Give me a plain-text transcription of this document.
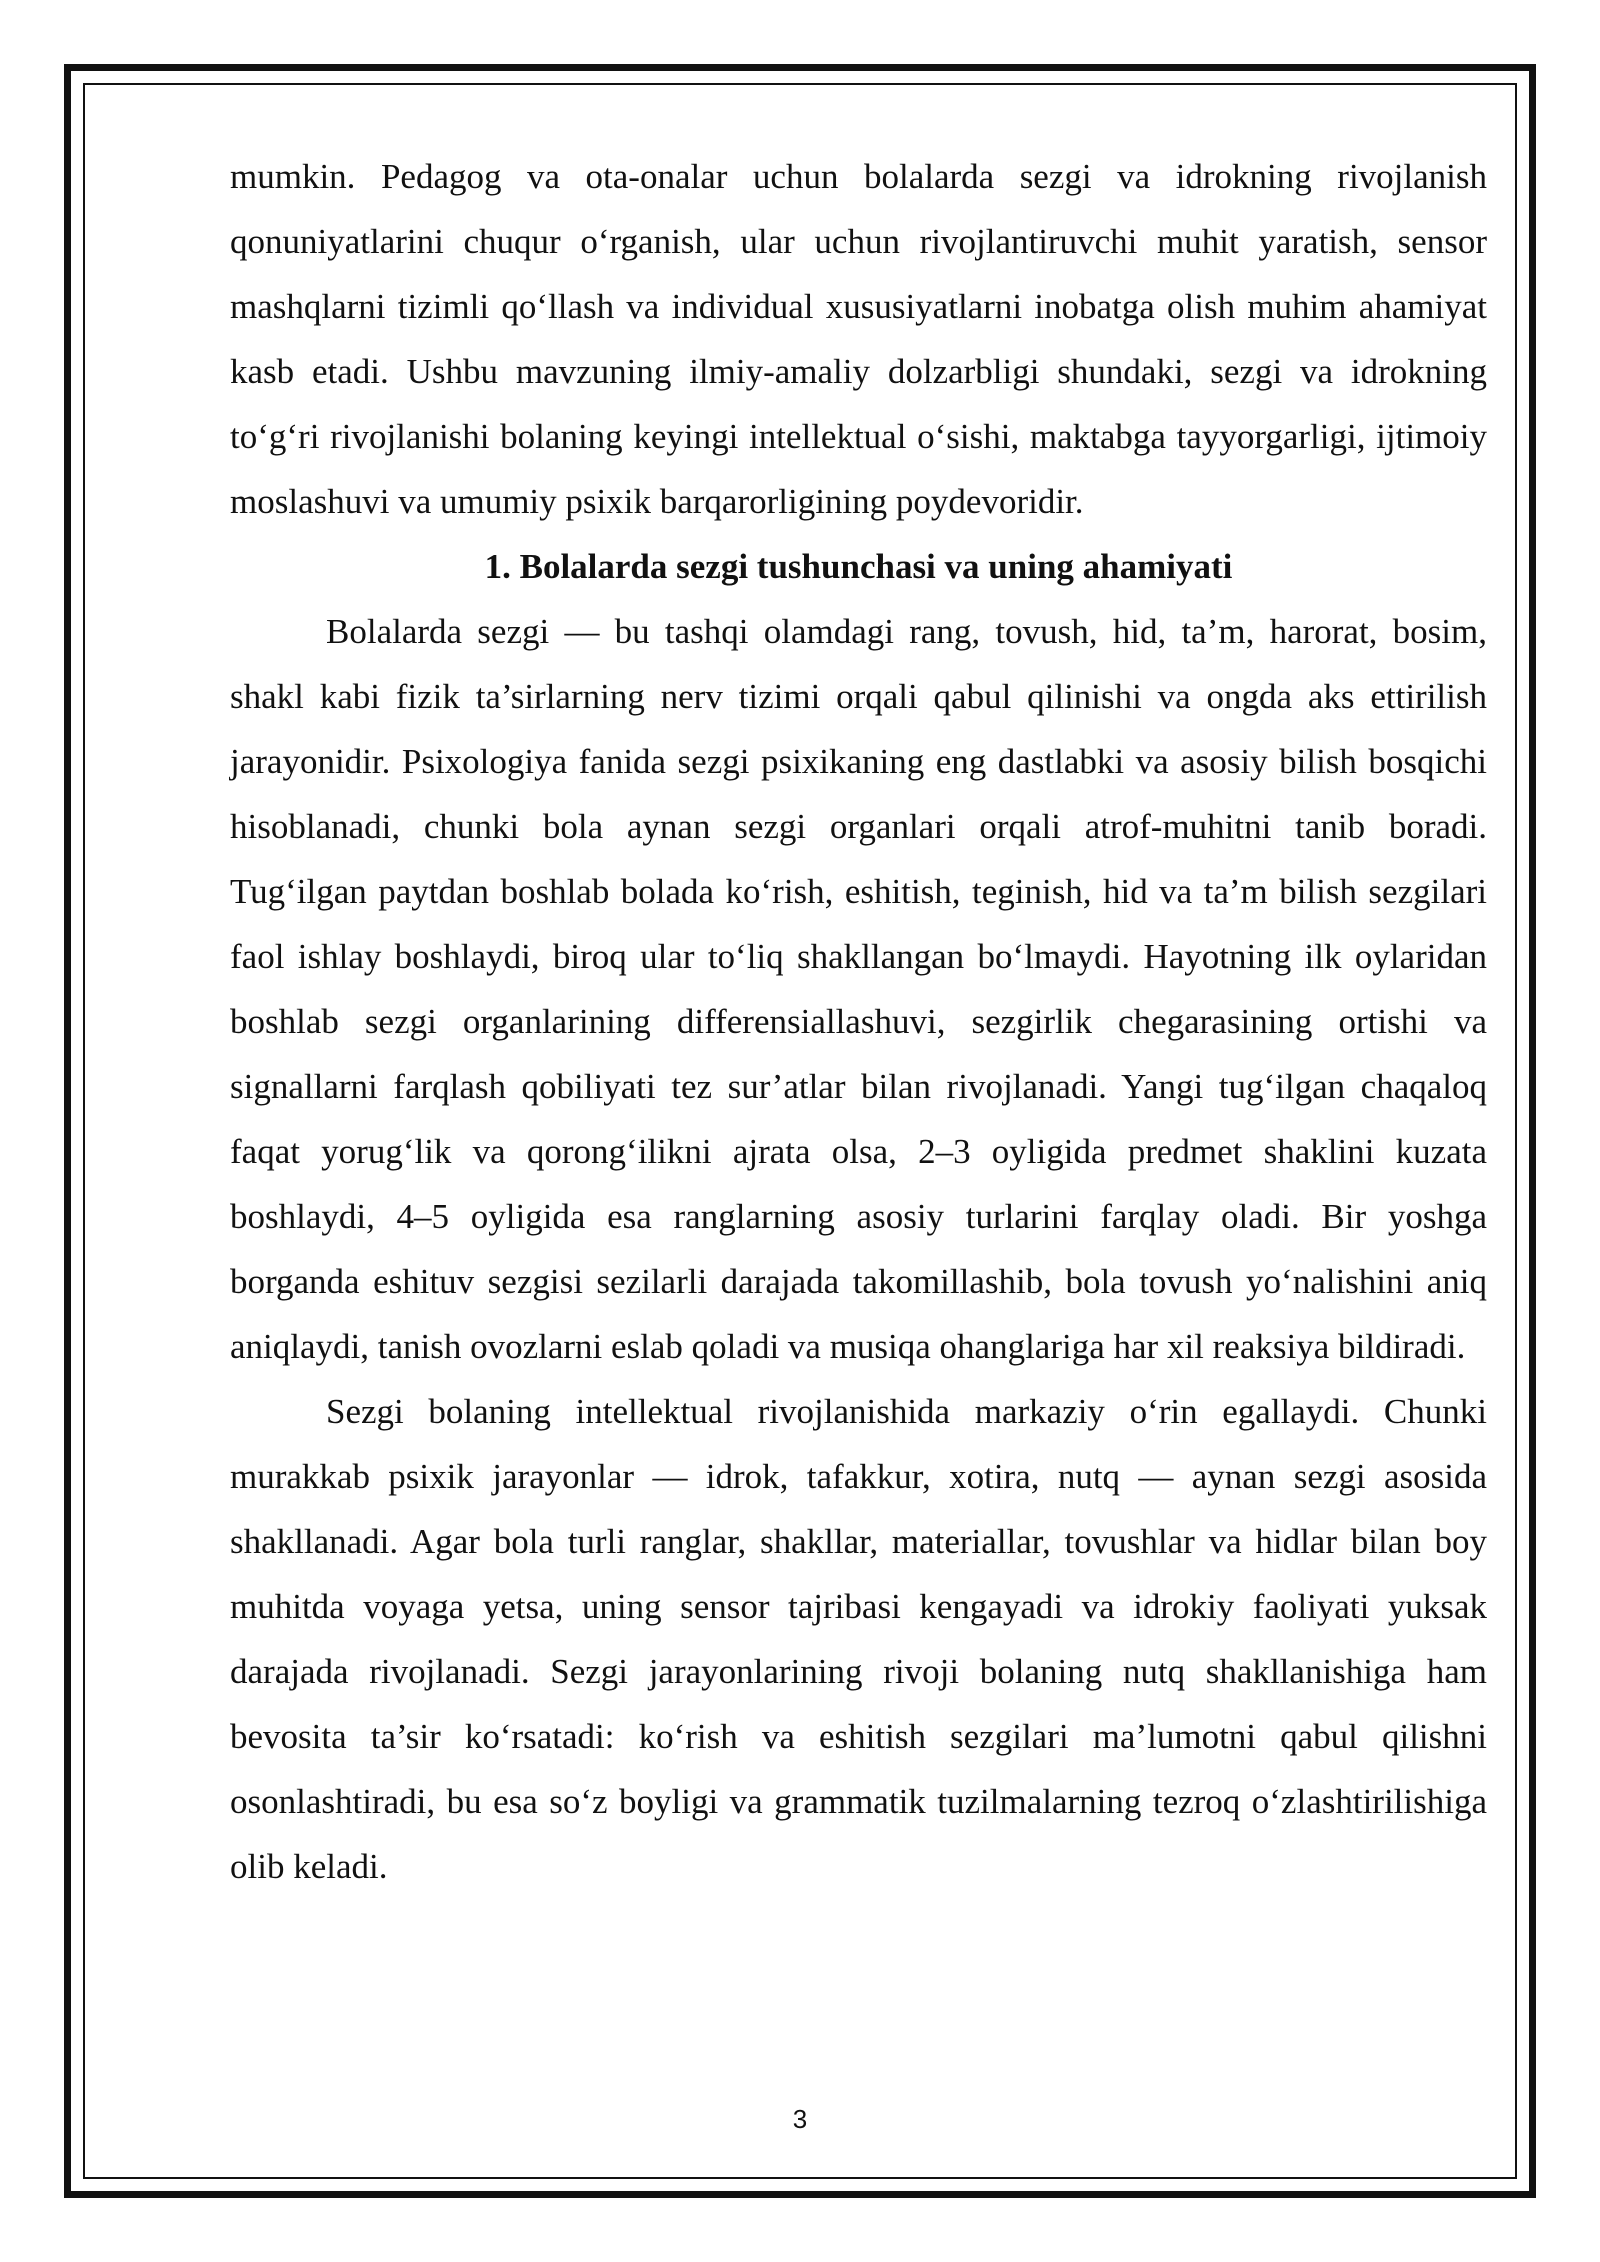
mumkin. Pedagog va ota-onalar uchun bolalarda sezgi va idrokning rivojlanish qonuniyatlarini chuqur o‘rganish, ular uchun rivojlantiruvchi muhit yaratish, sensor mashqlarni tizimli qo‘llash va individual xususiyatlarni inobatga olish muhim ahamiyat kasb etadi. Ushbu mavzuning ilmiy-amaliy dolzarbligi shundaki, sezgi va idrokning to‘g‘ri rivojlanishi bolaning keyingi intellektual o‘sishi, maktabga tayyorgarligi, ijtimoiy moslashuvi va umumiy psixik barqarorligining poydevoridir.

1. Bolalarda sezgi tushunchasi va uning ahamiyati

Bolalarda sezgi — bu tashqi olamdagi rang, tovush, hid, ta’m, harorat, bosim, shakl kabi fizik ta’sirlarning nerv tizimi orqali qabul qilinishi va ongda aks ettirilish jarayonidir. Psixologiya fanida sezgi psixikaning eng dastlabki va asosiy bilish bosqichi hisoblanadi, chunki bola aynan sezgi organlari orqali atrof-muhitni tanib boradi. Tug‘ilgan paytdan boshlab bolada ko‘rish, eshitish, teginish, hid va ta’m bilish sezgilari faol ishlay boshlaydi, biroq ular to‘liq shakllangan bo‘lmaydi. Hayotning ilk oylaridan boshlab sezgi organlarining differensiallashuvi, sezgirlik chegarasining ortishi va signallarni farqlash qobiliyati tez sur’atlar bilan rivojlanadi. Yangi tug‘ilgan chaqaloq faqat yorug‘lik va qorong‘ilikni ajrata olsa, 2–3 oyligida predmet shaklini kuzata boshlaydi, 4–5 oyligida esa ranglarning asosiy turlarini farqlay oladi. Bir yoshga borganda eshituv sezgisi sezilarli darajada takomillashib, bola tovush yo‘nalishini aniq aniqlaydi, tanish ovozlarni eslab qoladi va musiqa ohanglariga har xil reaksiya bildiradi.

Sezgi bolaning intellektual rivojlanishida markaziy o‘rin egallaydi. Chunki murakkab psixik jarayonlar — idrok, tafakkur, xotira, nutq — aynan sezgi asosida shakllanadi. Agar bola turli ranglar, shakllar, materiallar, tovushlar va hidlar bilan boy muhitda voyaga yetsa, uning sensor tajribasi kengayadi va idrokiy faoliyati yuksak darajada rivojlanadi. Sezgi jarayonlarining rivoji bolaning nutq shakllanishiga ham bevosita ta’sir ko‘rsatadi: ko‘rish va eshitish sezgilari ma’lumotni qabul qilishni osonlashtiradi, bu esa so‘z boyligi va grammatik tuzilmalarning tezroq o‘zlashtirilishiga olib keladi.

3
